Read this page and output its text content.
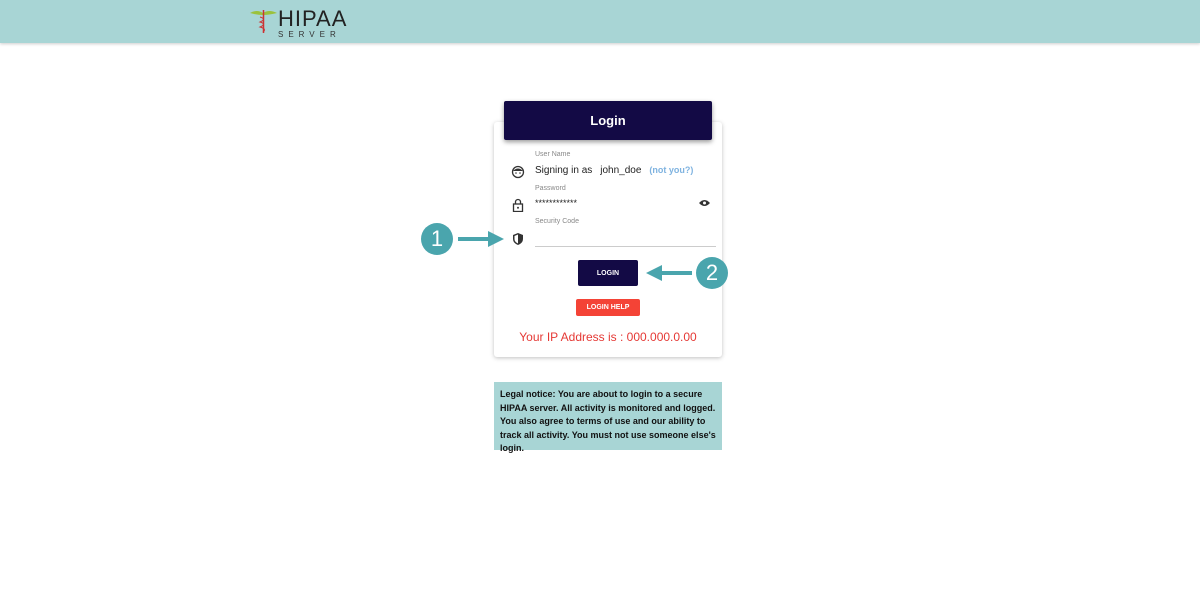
HIPAA
SERVER
Login
User Name
Signing in as john_doe (not you?)
Password
************
Security Code
LOGIN
LOGIN HELP
Your IP Address is : 000.000.0.00
Legal notice: You are about to login to a secure HIPAA server. All activity is monitored and logged. You also agree to terms of use and our ability to track all activity. You must not use someone else's login.
1
2
